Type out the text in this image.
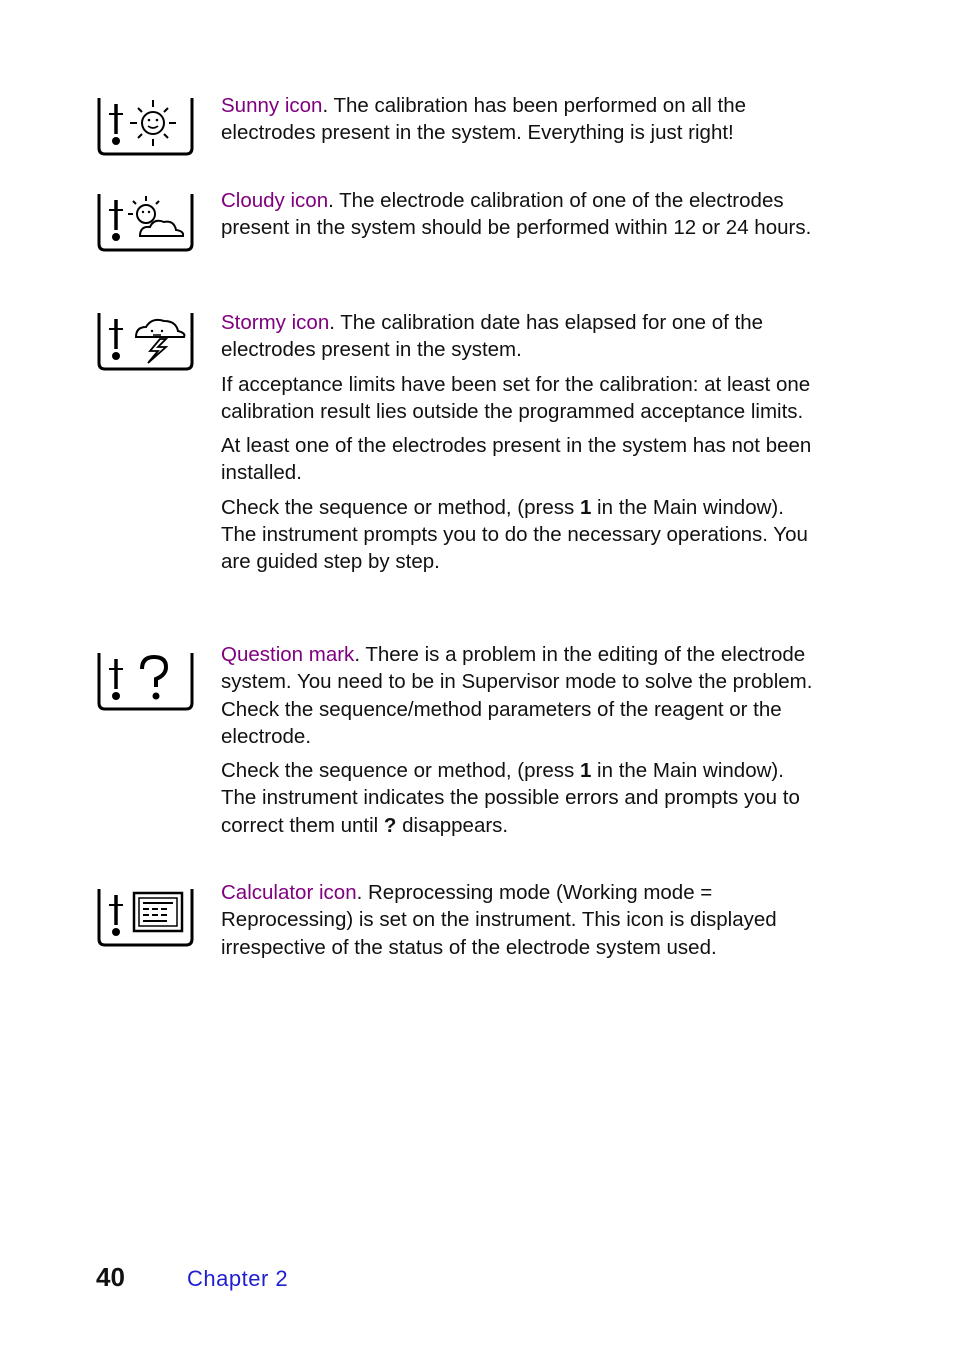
Sunny icon. The calibration has been performed on all the electrodes present in the system. Everything is just right!

Cloudy icon. The electrode calibration of one of the electrodes present in the system should be performed within 12 or 24 hours.

Stormy icon. The calibration date has elapsed for one of the electrodes present in the system.

If acceptance limits have been set for the calibration: at least one calibration result lies outside the programmed acceptance limits.

At least one of the electrodes present in the system has not been installed.

Check the sequence or method, (press 1 in the Main window). The instrument prompts you to do the necessary operations. You are guided step by step.

Question mark. There is a problem in the editing of the electrode system. You need to be in Supervisor mode to solve the problem. Check the sequence/method parameters of the reagent or the electrode.

Check the sequence or method, (press 1 in the Main window). The instrument indicates the possible errors and prompts you to correct them until ? disappears.

Calculator icon. Reprocessing mode (Working mode = Reprocessing) is set on the instrument. This icon is displayed irrespective of the status of the electrode system used.

40	Chapter 2
